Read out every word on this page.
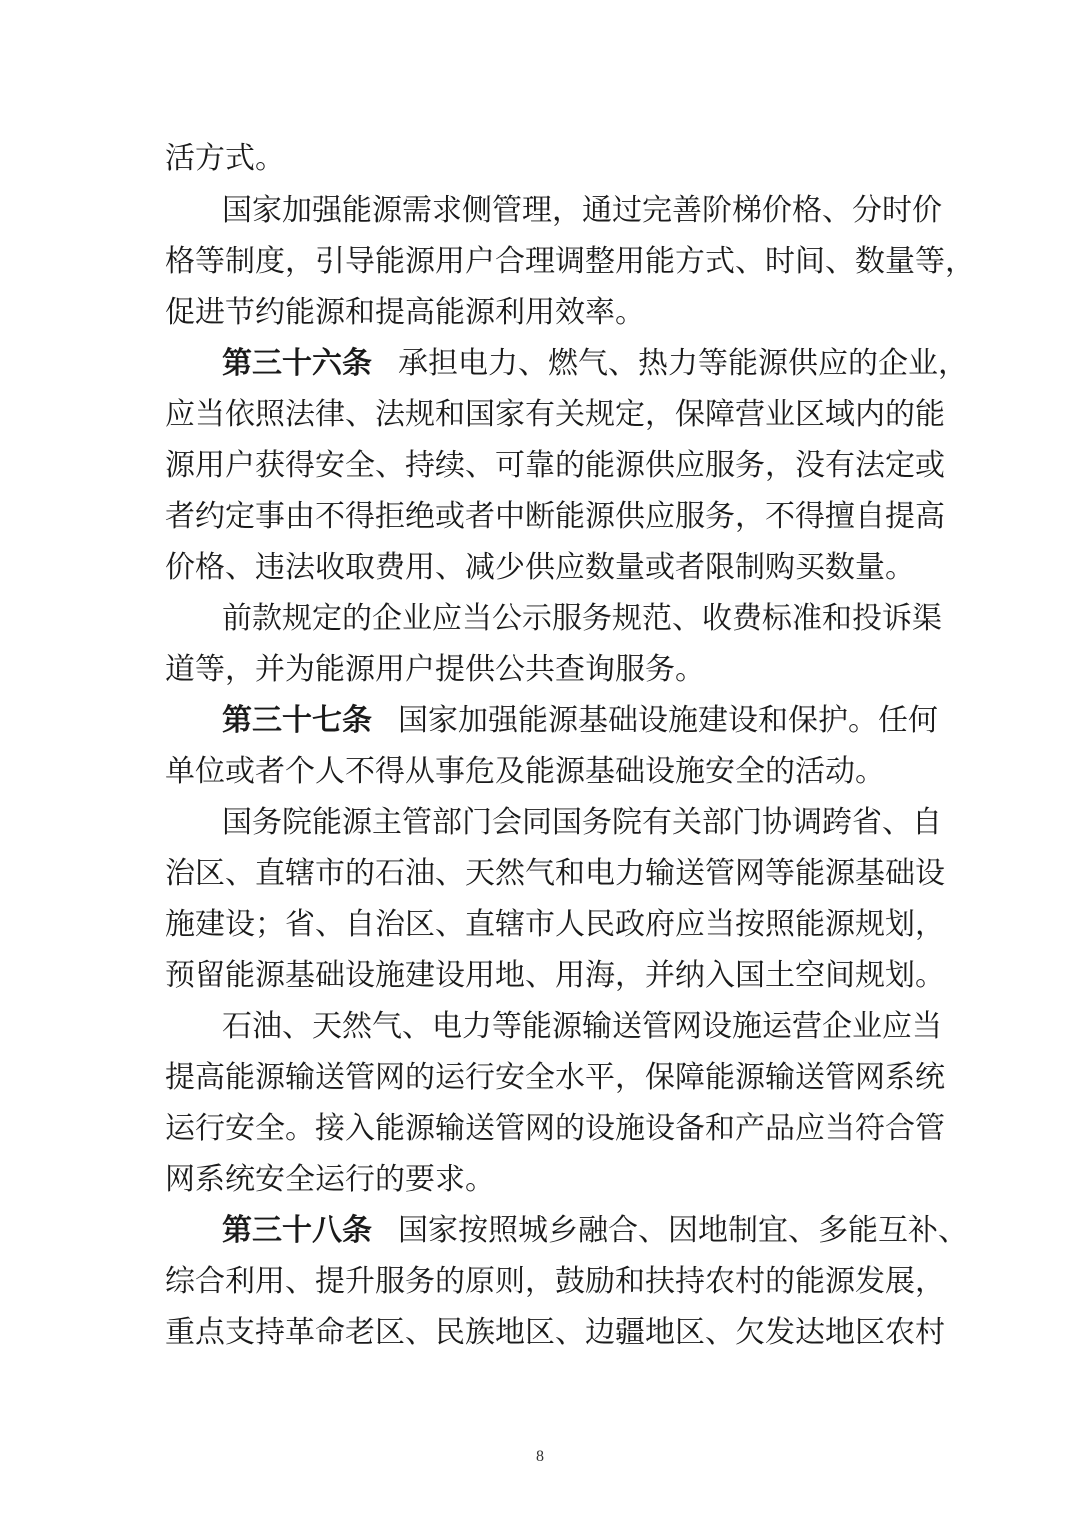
活方式。
国家加强能源需求侧管理，通过完善阶梯价格、分时价
格等制度，引导能源用户合理调整用能方式、时间、数量等，
促进节约能源和提高能源利用效率。
第三十六条 承担电力、燃气、热力等能源供应的企业，
应当依照法律、法规和国家有关规定，保障营业区域内的能
源用户获得安全、持续、可靠的能源供应服务，没有法定或
者约定事由不得拒绝或者中断能源供应服务，不得擅自提高
价格、违法收取费用、减少供应数量或者限制购买数量。
前款规定的企业应当公示服务规范、收费标准和投诉渠
道等，并为能源用户提供公共查询服务。
第三十七条 国家加强能源基础设施建设和保护。任何
单位或者个人不得从事危及能源基础设施安全的活动。
国务院能源主管部门会同国务院有关部门协调跨省、自
治区、直辖市的石油、天然气和电力输送管网等能源基础设
施建设；省、自治区、直辖市人民政府应当按照能源规划，
预留能源基础设施建设用地、用海，并纳入国土空间规划。
石油、天然气、电力等能源输送管网设施运营企业应当
提高能源输送管网的运行安全水平，保障能源输送管网系统
运行安全。接入能源输送管网的设施设备和产品应当符合管
网系统安全运行的要求。
第三十八条 国家按照城乡融合、因地制宜、多能互补、
综合利用、提升服务的原则，鼓励和扶持农村的能源发展，
重点支持革命老区、民族地区、边疆地区、欠发达地区农村
8
